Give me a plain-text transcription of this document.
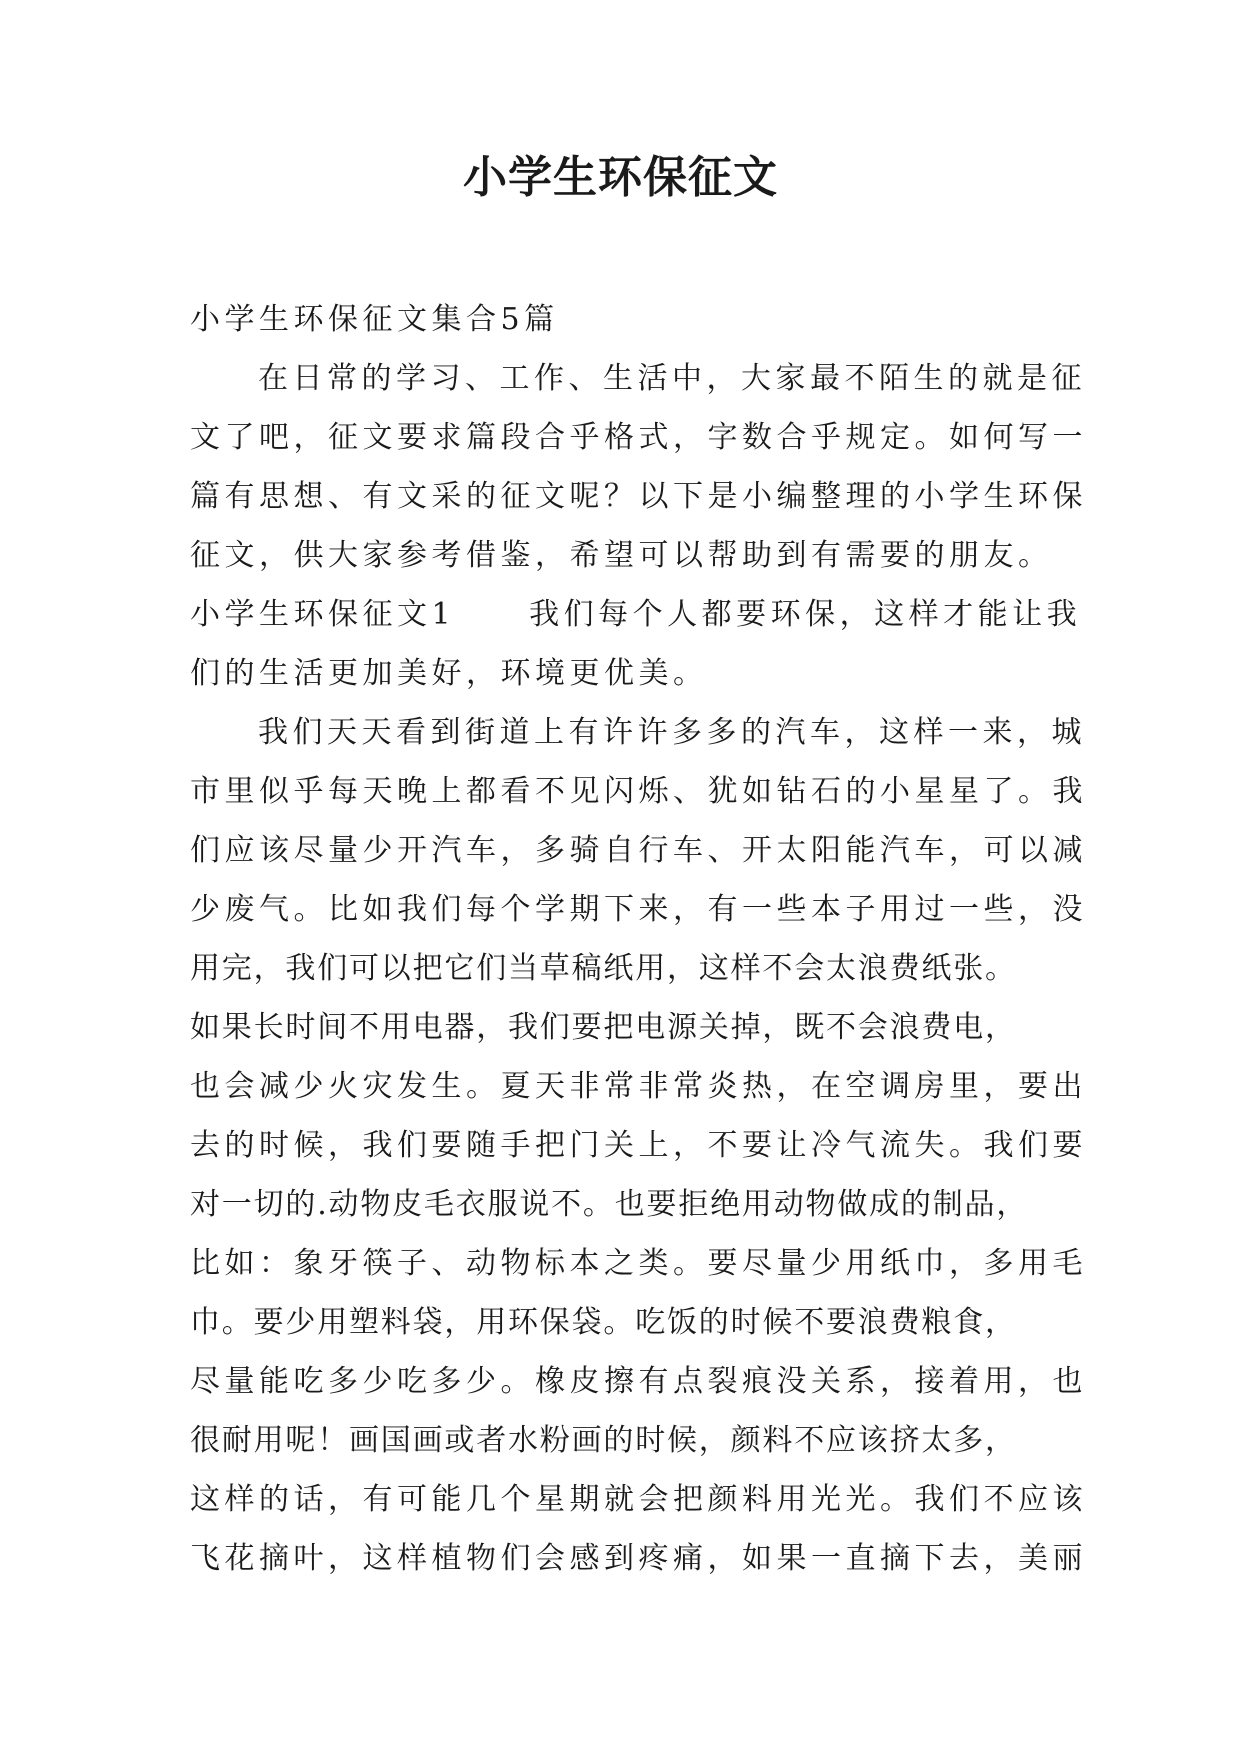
小学生环保征文
小学生环保征文集合5篇
在日常的学习、工作、生活中，大家最不陌生的就是征
文了吧，征文要求篇段合乎格式，字数合乎规定。如何写一
篇有思想、有文采的征文呢？以下是小编整理的小学生环保
征文，供大家参考借鉴，希望可以帮助到有需要的朋友。
小学生环保征文1 我们每个人都要环保，这样才能让我
们的生活更加美好，环境更优美。
我们天天看到街道上有许许多多的汽车，这样一来，城
市里似乎每天晚上都看不见闪烁、犹如钻石的小星星了。我
们应该尽量少开汽车，多骑自行车、开太阳能汽车，可以减
少废气。比如我们每个学期下来，有一些本子用过一些，没
用完，我们可以把它们当草稿纸用，这样不会太浪费纸张。
如果长时间不用电器，我们要把电源关掉，既不会浪费电，
也会减少火灾发生。夏天非常非常炎热，在空调房里，要出
去的时候，我们要随手把门关上，不要让冷气流失。我们要
对一切的.动物皮毛衣服说不。也要拒绝用动物做成的制品，
比如：象牙筷子、动物标本之类。要尽量少用纸巾，多用毛
巾。要少用塑料袋，用环保袋。吃饭的时候不要浪费粮食，
尽量能吃多少吃多少。橡皮擦有点裂痕没关系，接着用，也
很耐用呢！画国画或者水粉画的时候，颜料不应该挤太多，
这样的话，有可能几个星期就会把颜料用光光。我们不应该
飞花摘叶，这样植物们会感到疼痛，如果一直摘下去，美丽
